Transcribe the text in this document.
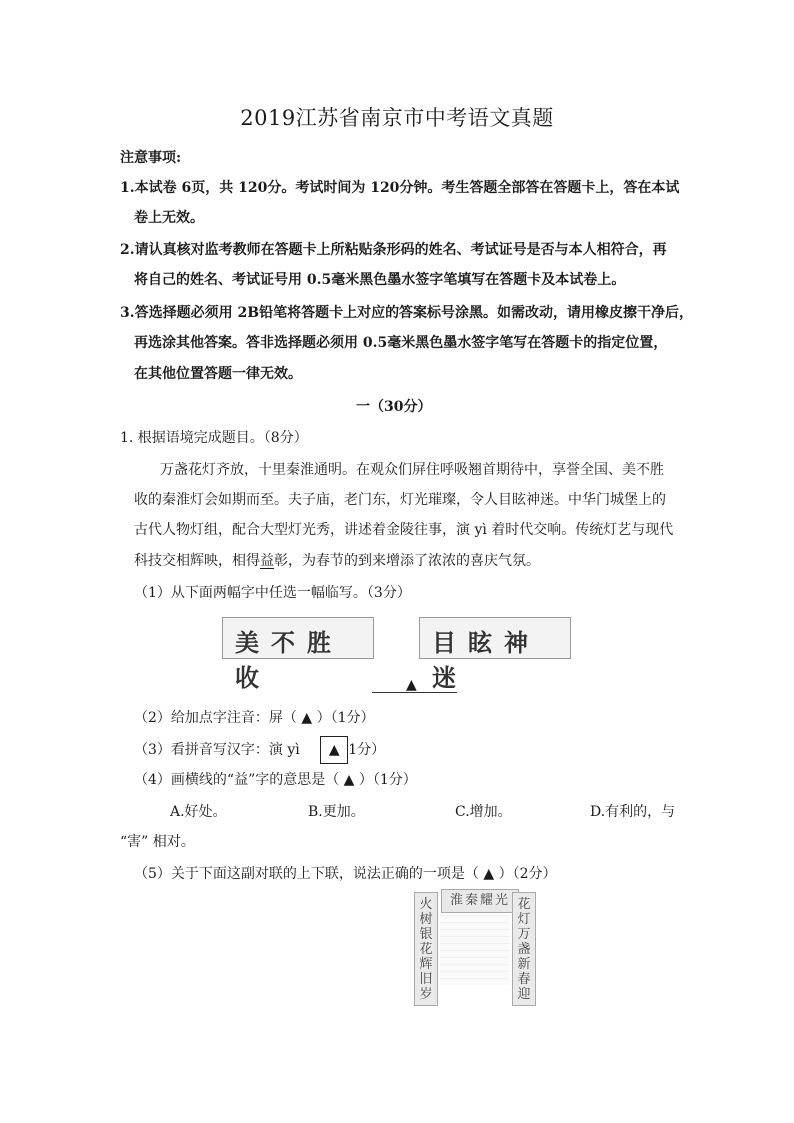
2019江苏省南京市中考语文真题
注意事项:
1.本试卷 6页，共 120分。考试时间为 120分钟。考生答题全部答在答题卡上，答在本试
卷上无效。
2.请认真核对监考教师在答题卡上所粘贴条形码的姓名、考试证号是否与本人相符合，再
将自己的姓名、考试证号用 0.5毫米黑色墨水签字笔填写在答题卡及本试卷上。
3.答选择题必须用 2B铅笔将答题卡上对应的答案标号涂黑。如需改动，请用橡皮擦干净后，
再选涂其他答案。答非选择题必须用 0.5毫米黑色墨水签字笔写在答题卡的指定位置，
在其他位置答题一律无效。
一（30分）
1. 根据语境完成题目。（8分）
万盏花灯齐放，十里秦淮通明。在观众们屏住呼吸翘首期待中，享誉全国、美不胜
收的秦淮灯会如期而至。夫子庙，老门东，灯光璀璨，令人目眩神迷。中华门城堡上的
古代人物灯组，配合大型灯光秀，讲述着金陵往事，演 yì 着时代交响。传统灯艺与现代
科技交相辉映，相得益彰，为春节的到来增添了浓浓的喜庆气氛。
（1）从下面两幅字中任选一幅临写。（3分）
美不胜收
目眩神迷
▲
（2）给加点字注音：屏（ ▲ ）（1分）
（3）看拼音写汉字：演 yì ▲ 1分）
（4）画横线的“益”字的意思是（ ▲ ）（1分）
A.好处。	B.更加。	C.增加。	D.有利的，与
“害” 相对。
（5）关于下面这副对联的上下联，说法正确的一项是（ ▲ ）（2分）
淮秦耀光
火树银花辉旧岁
花灯万盏新春迎
